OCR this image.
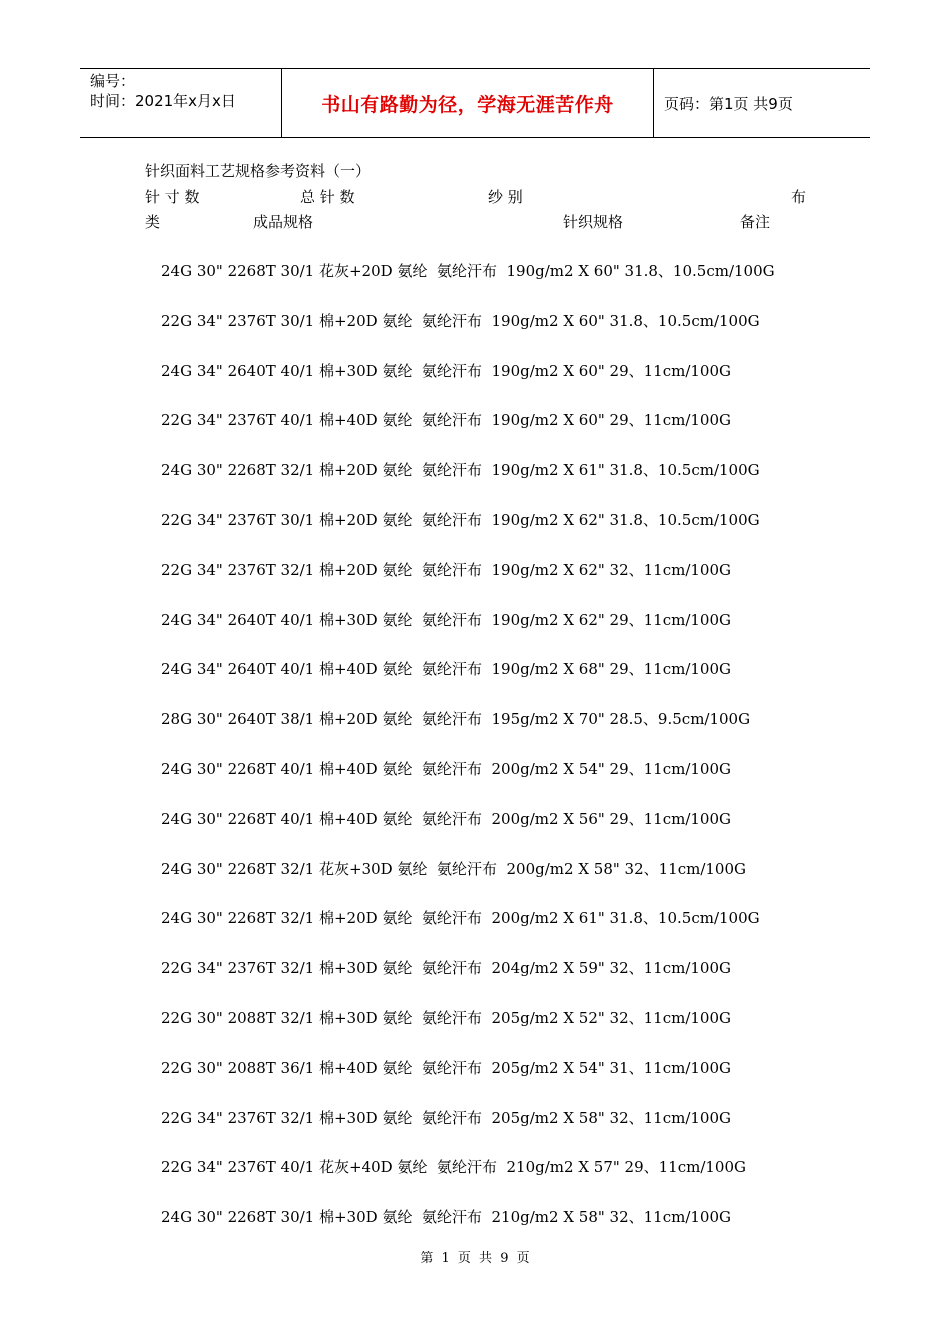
编号：
时间：2021年x月x日	书山有路勤为径，学海无涯苦作舟	页码：第1页 共9页
针织面料工艺规格参考资料（一）
针 寸 数	总 针 数	纱 别	布
类	成品规格	针织规格	备注
24G 30" 2268T 30/1 花灰+20D 氨纶  氨纶汗布  190g/m2 X 60" 31.8、10.5cm/100G
22G 34" 2376T 30/1 棉+20D 氨纶  氨纶汗布  190g/m2 X 60" 31.8、10.5cm/100G
24G 34" 2640T 40/1 棉+30D 氨纶  氨纶汗布  190g/m2 X 60" 29、11cm/100G
22G 34" 2376T 40/1 棉+40D 氨纶  氨纶汗布  190g/m2 X 60" 29、11cm/100G
24G 30" 2268T 32/1 棉+20D 氨纶  氨纶汗布  190g/m2 X 61" 31.8、10.5cm/100G
22G 34" 2376T 30/1 棉+20D 氨纶  氨纶汗布  190g/m2 X 62" 31.8、10.5cm/100G
22G 34" 2376T 32/1 棉+20D 氨纶  氨纶汗布  190g/m2 X 62" 32、11cm/100G
24G 34" 2640T 40/1 棉+30D 氨纶  氨纶汗布  190g/m2 X 62" 29、11cm/100G
24G 34" 2640T 40/1 棉+40D 氨纶  氨纶汗布  190g/m2 X 68" 29、11cm/100G
28G 30" 2640T 38/1 棉+20D 氨纶  氨纶汗布  195g/m2 X 70" 28.5、9.5cm/100G
24G 30" 2268T 40/1 棉+40D 氨纶  氨纶汗布  200g/m2 X 54" 29、11cm/100G
24G 30" 2268T 40/1 棉+40D 氨纶  氨纶汗布  200g/m2 X 56" 29、11cm/100G
24G 30" 2268T 32/1 花灰+30D 氨纶  氨纶汗布  200g/m2 X 58" 32、11cm/100G
24G 30" 2268T 32/1 棉+20D 氨纶  氨纶汗布  200g/m2 X 61" 31.8、10.5cm/100G
22G 34" 2376T 32/1 棉+30D 氨纶  氨纶汗布  204g/m2 X 59" 32、11cm/100G
22G 30" 2088T 32/1 棉+30D 氨纶  氨纶汗布  205g/m2 X 52" 32、11cm/100G
22G 30" 2088T 36/1 棉+40D 氨纶  氨纶汗布  205g/m2 X 54" 31、11cm/100G
22G 34" 2376T 32/1 棉+30D 氨纶  氨纶汗布  205g/m2 X 58" 32、11cm/100G
22G 34" 2376T 40/1 花灰+40D 氨纶  氨纶汗布  210g/m2 X 57" 29、11cm/100G
24G 30" 2268T 30/1 棉+30D 氨纶  氨纶汗布  210g/m2 X 58" 32、11cm/100G
第 1 页 共 9 页
